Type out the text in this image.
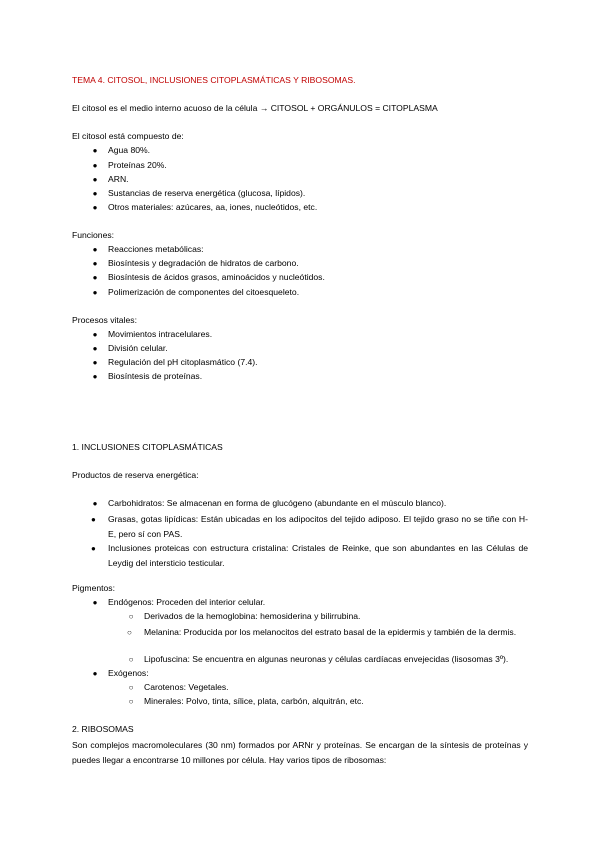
TEMA 4. CITOSOL, INCLUSIONES CITOPLASMÁTICAS Y RIBOSOMAS.
El citosol es el medio interno acuoso de la célula → CITOSOL + ORGÁNULOS = CITOPLASMA
El citosol está compuesto de:
● Agua 80%.
● Proteínas 20%.
● ARN.
● Sustancias de reserva energética (glucosa, lípidos).
● Otros materiales: azúcares, aa, iones, nucleótidos, etc.
Funciones:
● Reacciones metabólicas:
● Biosíntesis y degradación de hidratos de carbono.
● Biosíntesis de ácidos grasos, aminoácidos y nucleótidos.
● Polimerización de componentes del citoesqueleto.
Procesos vitales:
● Movimientos intracelulares.
● División celular.
● Regulación del pH citoplasmático (7.4).
● Biosíntesis de proteínas.
1. INCLUSIONES CITOPLASMÁTICAS
Productos de reserva energética:
● Carbohidratos: Se almacenan en forma de glucógeno (abundante en el músculo blanco).
●	Grasas, gotas lipídicas: Están ubicadas en los adipocitos del tejido adiposo. El tejido graso no se tiñe con H-E, pero sí con PAS.
●	Inclusiones proteicas con estructura cristalina: Cristales de Reinke, que son abundantes en las Células de Leydig del intersticio testicular.
Pigmentos:
● Endógenos: Proceden del interior celular.
○ Derivados de la hemoglobina: hemosiderina y bilirrubina.
○	Melanina: Producida por los melanocitos del estrato basal de la epidermis y también de la dermis.
○ Lipofuscina: Se encuentra en algunas neuronas y células cardíacas envejecidas (lisosomas 3º).
● Exógenos:
○ Carotenos: Vegetales.
○ Minerales: Polvo, tinta, sílice, plata, carbón, alquitrán, etc.
2. RIBOSOMAS
Son complejos macromoleculares (30 nm) formados por ARNr y proteínas. Se encargan de la síntesis de proteínas y puedes llegar a encontrarse 10 millones por célula. Hay varios tipos de ribosomas:
